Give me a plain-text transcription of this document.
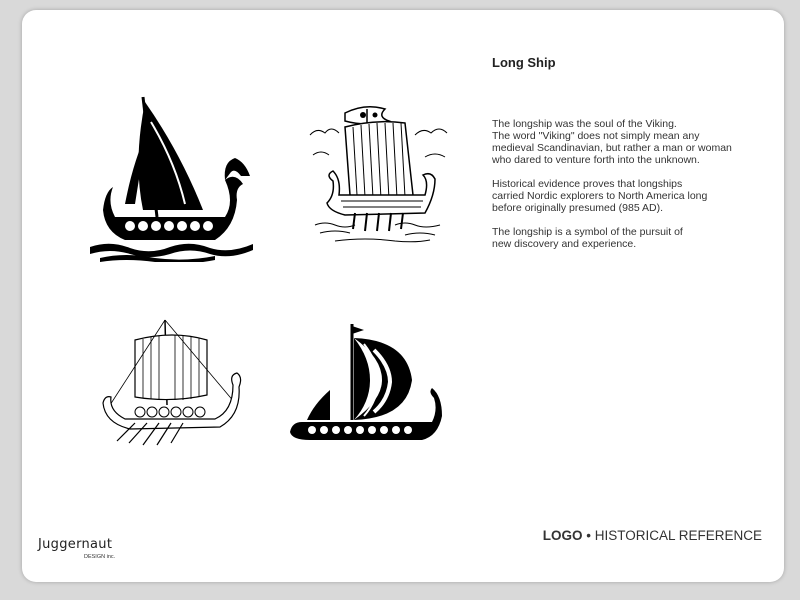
Long Ship

The longship was the soul of the Viking.
The word "Viking" does not simply mean any
medieval Scandinavian, but rather a man or woman
who dared to venture forth into the unknown.

Historical evidence proves that longships
carried Nordic explorers to North America long
before originally presumed (985 AD).

The longship is a symbol of the pursuit of
new discovery and experience.

LOGO • HISTORICAL REFERENCE
Juggernaut
DESIGN inc.
